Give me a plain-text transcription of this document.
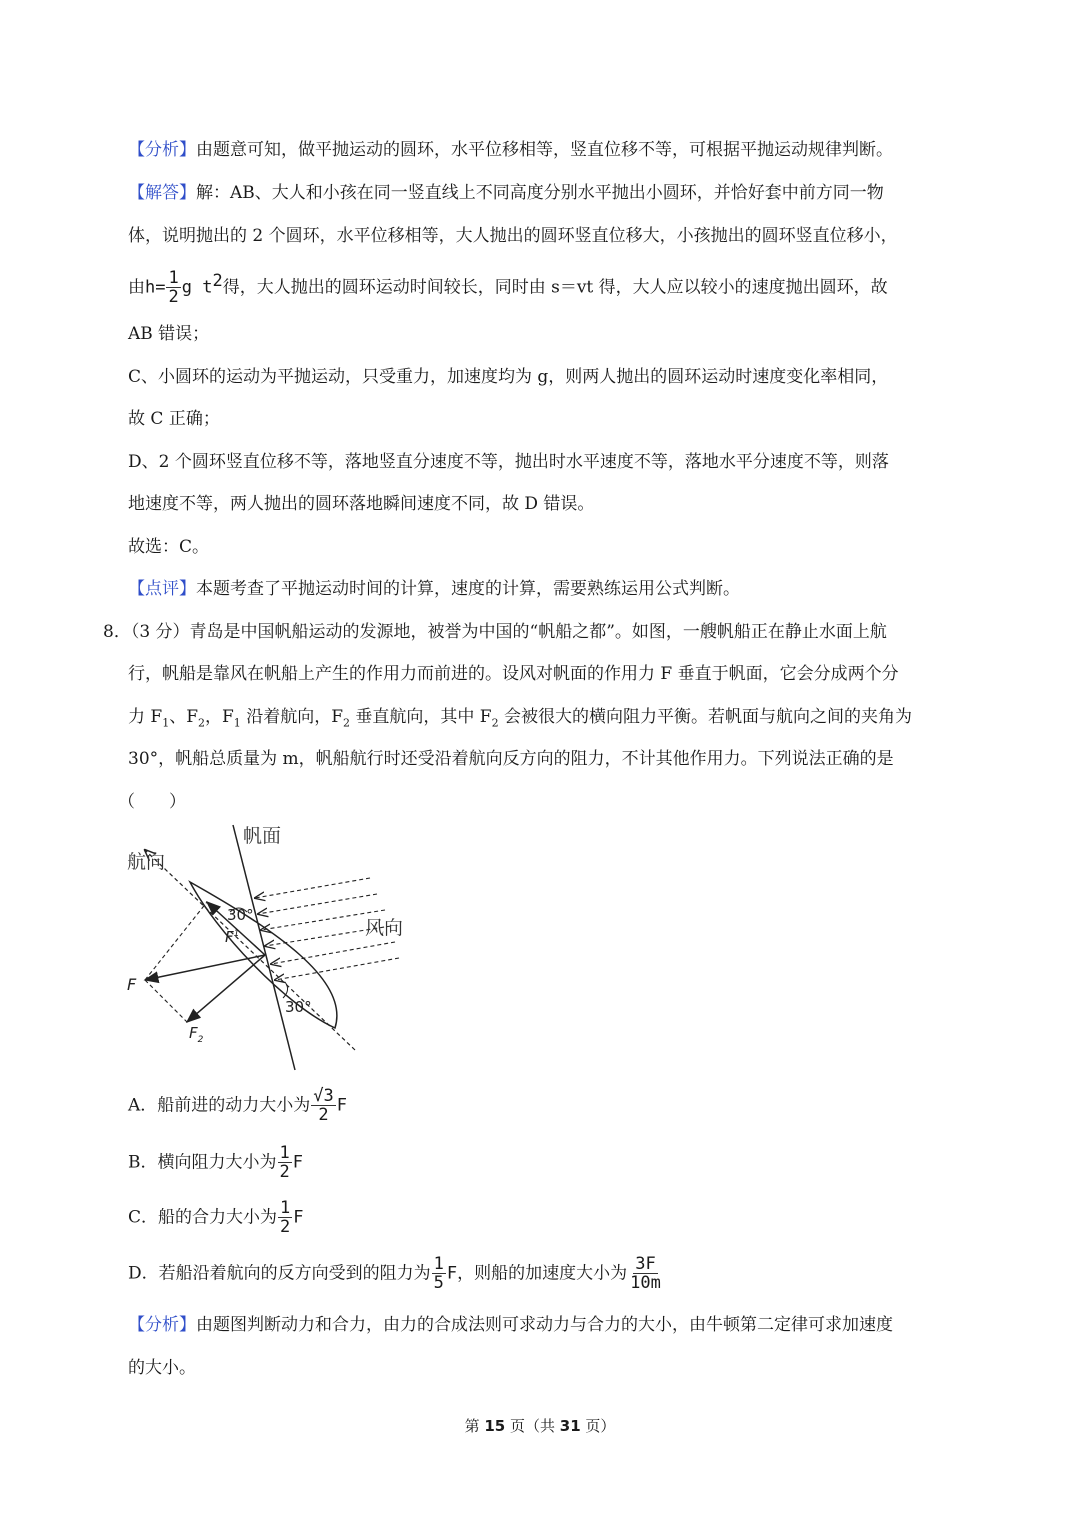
【分析】由题意可知，做平抛运动的圆环，水平位移相等，竖直位移不等，可根据平抛运动规律判断。
【解答】解：AB、大人和小孩在同一竖直线上不同高度分别水平抛出小圆环，并恰好套中前方同一物
体，说明抛出的 2 个圆环，水平位移相等，大人抛出的圆环竖直位移大，小孩抛出的圆环竖直位移小，
由$h= \frac{1}{2}$ g $t^2$得，大人抛出的圆环运动时间较长，同时由 s＝vt 得，大人应以较小的速度抛出圆环，故
AB 错误；
C、小圆环的运动为平抛运动，只受重力，加速度均为 g，则两人抛出的圆环运动时速度变化率相同，
故 C 正确；
D、2 个圆环竖直位移不等，落地竖直分速度不等，抛出时水平速度不等，落地水平分速度不等，则落
地速度不等，两人抛出的圆环落地瞬间速度不同，故 D 错误。
故选：C。
【点评】本题考查了平抛运动时间的计算，速度的计算，需要熟练运用公式判断。
8．（3 分）青岛是中国帆船运动的发源地，被誉为中国的“帆船之都”。如图，一艘帆船正在静止水面上航
行，帆船是靠风在帆船上产生的作用力而前进的。设风对帆面的作用力 F 垂直于帆面，它会分成两个分
力 $F_1$、$F_2$，$F_1$ 沿着航向，$F_2$ 垂直航向，其中 $F_2$ 会被很大的横向阻力平衡。若帆面与航向之间的夹角为
30°，帆船总质量为 m，帆船航行时还受沿着航向反方向的阻力，不计其他作用力。下列说法正确的是
（　　）
帆面
航向
风向
30°
30°
F
$F^1$
$F_2$
A．船前进的动力大小为 $\frac{√3}{2}$ F
B．横向阻力大小为 $\frac{1}{2}$ F
C．船的合力大小为 $\frac{1}{2}$ F
D．若船沿着航向的反方向受到的阻力为 $\frac{1}{5}$ F，则船的加速度大小为 $\frac{3F}{10m}$
【分析】由题图判断动力和合力，由力的合成法则可求动力与合力的大小，由牛顿第二定律可求加速度
的大小。
第 15 页（共 31 页）
